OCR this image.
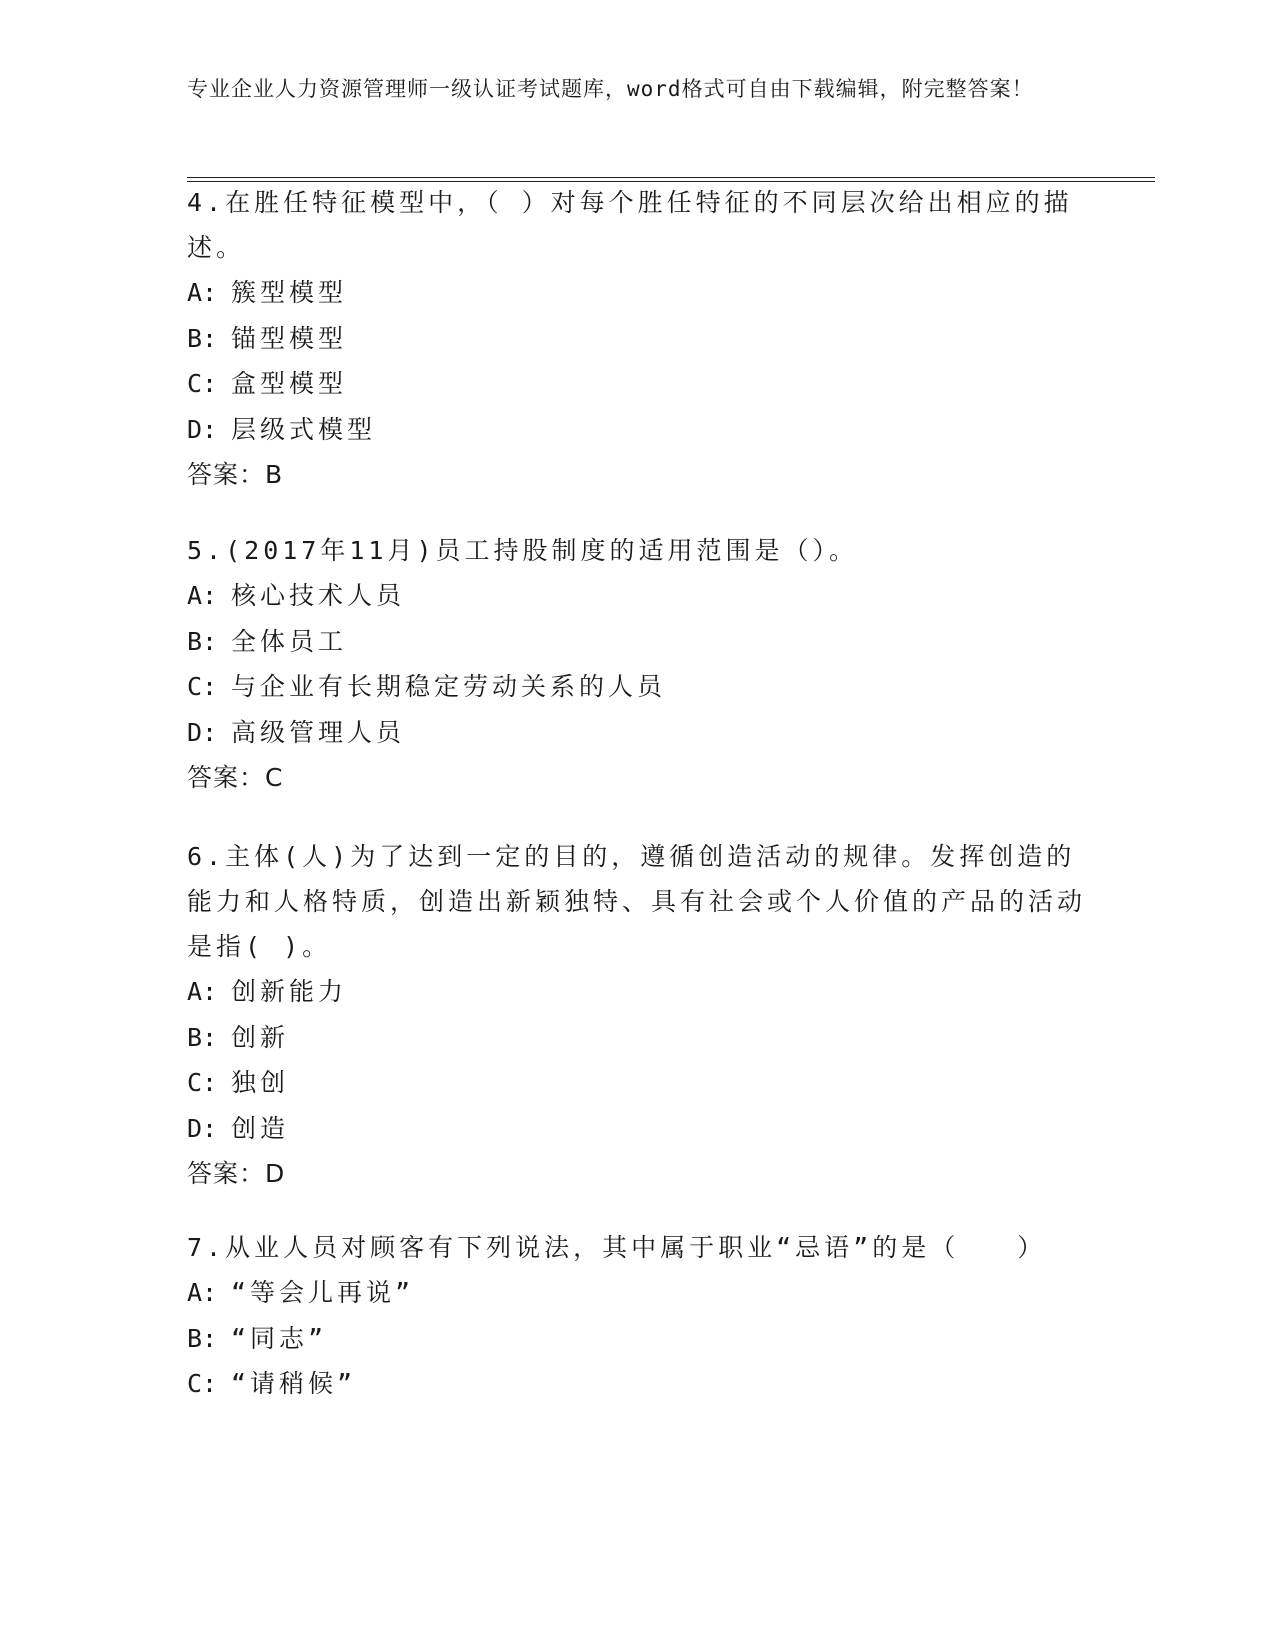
专业企业人力资源管理师一级认证考试题库，word格式可自由下载编辑，附完整答案！

4.在胜任特征模型中，（ ）对每个胜任特征的不同层次给出相应的描述。

A: 簇型模型

B: 锚型模型

C: 盒型模型

D: 层级式模型

答案：B

5.(2017年11月)员工持股制度的适用范围是（）。

A: 核心技术人员

B: 全体员工

C: 与企业有长期稳定劳动关系的人员

D: 高级管理人员

答案：C

6.主体(人)为了达到一定的目的，遵循创造活动的规律。发挥创造的能力和人格特质，创造出新颖独特、具有社会或个人价值的产品的活动是指( )。

A: 创新能力

B: 创新

C: 独创

D: 创造

答案：D

7.从业人员对顾客有下列说法，其中属于职业“忌语”的是（　　）

A: “等会儿再说”

B: “同志”

C: “请稍候”
